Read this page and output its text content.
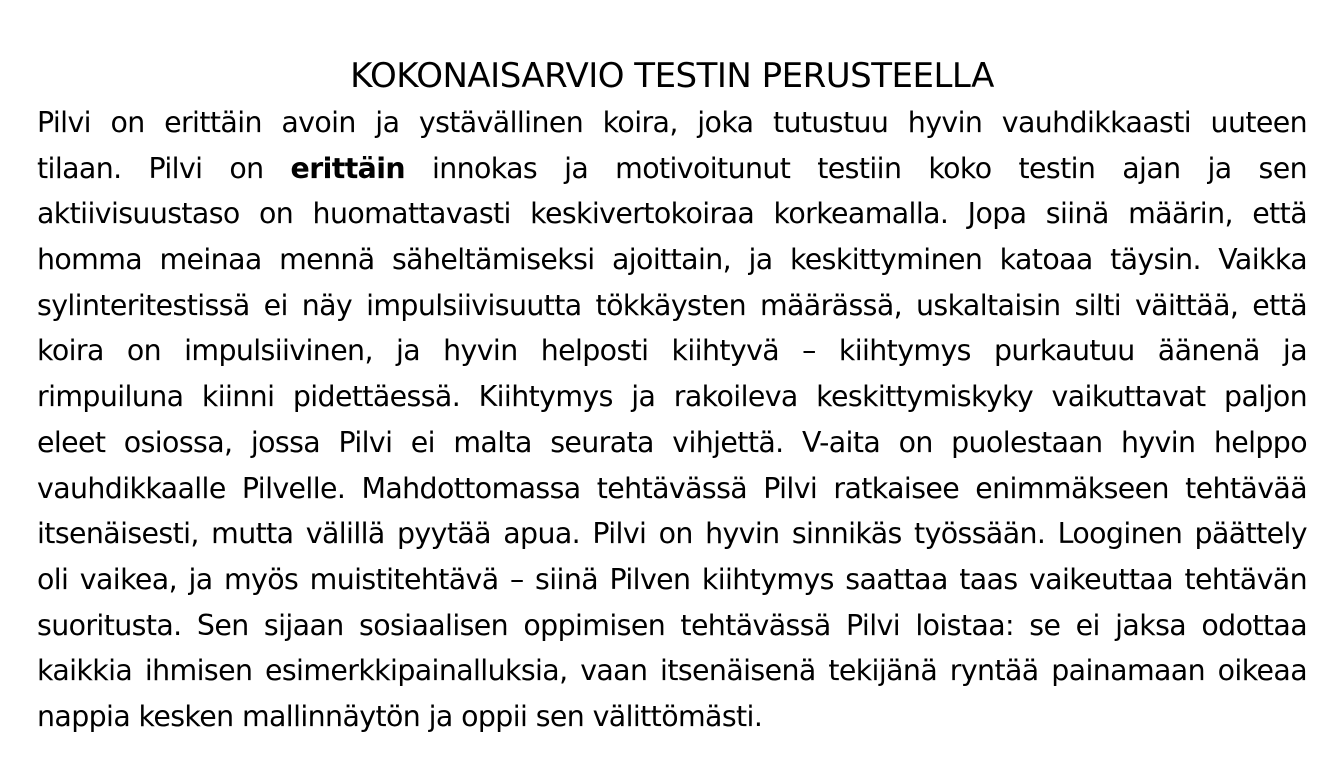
KOKONAISARVIO TESTIN PERUSTEELLA
Pilvi on erittäin avoin ja ystävällinen koira, joka tutustuu hyvin vauhdikkaasti uuteen
tilaan. Pilvi on erittäin innokas ja motivoitunut testiin koko testin ajan ja sen
aktiivisuustaso on huomattavasti keskivertokoiraa korkeamalla. Jopa siinä määrin, että
homma meinaa mennä säheltämiseksi ajoittain, ja keskittyminen katoaa täysin. Vaikka
sylinteritestissä ei näy impulsiivisuutta tökkäysten määrässä, uskaltaisin silti väittää, että
koira on impulsiivinen, ja hyvin helposti kiihtyvä – kiihtymys purkautuu äänenä ja
rimpuiluna kiinni pidettäessä. Kiihtymys ja rakoileva keskittymiskyky vaikuttavat paljon
eleet osiossa, jossa Pilvi ei malta seurata vihjettä. V-aita on puolestaan hyvin helppo
vauhdikkaalle Pilvelle. Mahdottomassa tehtävässä Pilvi ratkaisee enimmäkseen tehtävää
itsenäisesti, mutta välillä pyytää apua. Pilvi on hyvin sinnikäs työssään. Looginen päättely
oli vaikea, ja myös muistitehtävä – siinä Pilven kiihtymys saattaa taas vaikeuttaa tehtävän
suoritusta. Sen sijaan sosiaalisen oppimisen tehtävässä Pilvi loistaa: se ei jaksa odottaa
kaikkia ihmisen esimerkkipainalluksia, vaan itsenäisenä tekijänä ryntää painamaan oikeaa
nappia kesken mallinnäytön ja oppii sen välittömästi.
